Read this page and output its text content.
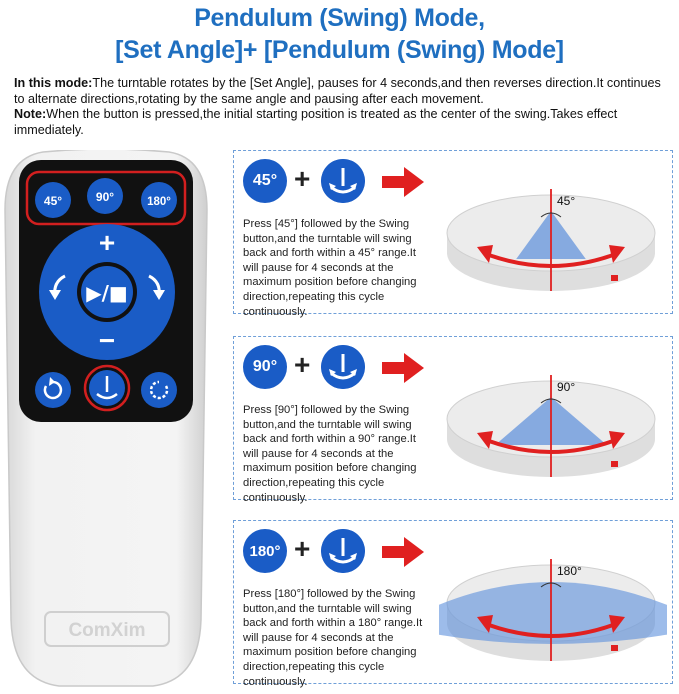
Pendulum (Swing) Mode,
[Set Angle]+ [Pendulum (Swing) Mode]
In this mode:The turntable rotates by the [Set Angle], pauses for 4 seconds,and then reverses direction.It continues to alternate directions,rotating by the same angle and pausing after each movement.
Note:When the button is pressed,the initial starting position is treated as the center of the swing.Takes effect immediately.
45°	90°	180°
+
−
▶/■
ComXim
45° +
Press [45°] followed by the Swing button,and the turntable will swing back and forth within a 45° range.It will pause for 4 seconds at the maximum position before changing direction,repeating this cycle continuously.
45°
90° +
Press [90°] followed by the Swing button,and the turntable will swing back and forth within a 90° range.It will pause for 4 seconds at the maximum position before changing direction,repeating this cycle continuously.
90°
180° +
Press [180°] followed by the Swing button,and the turntable will swing back and forth within a 180° range.It will pause for 4 seconds at the maximum position before changing direction,repeating this cycle continuously.
180°
